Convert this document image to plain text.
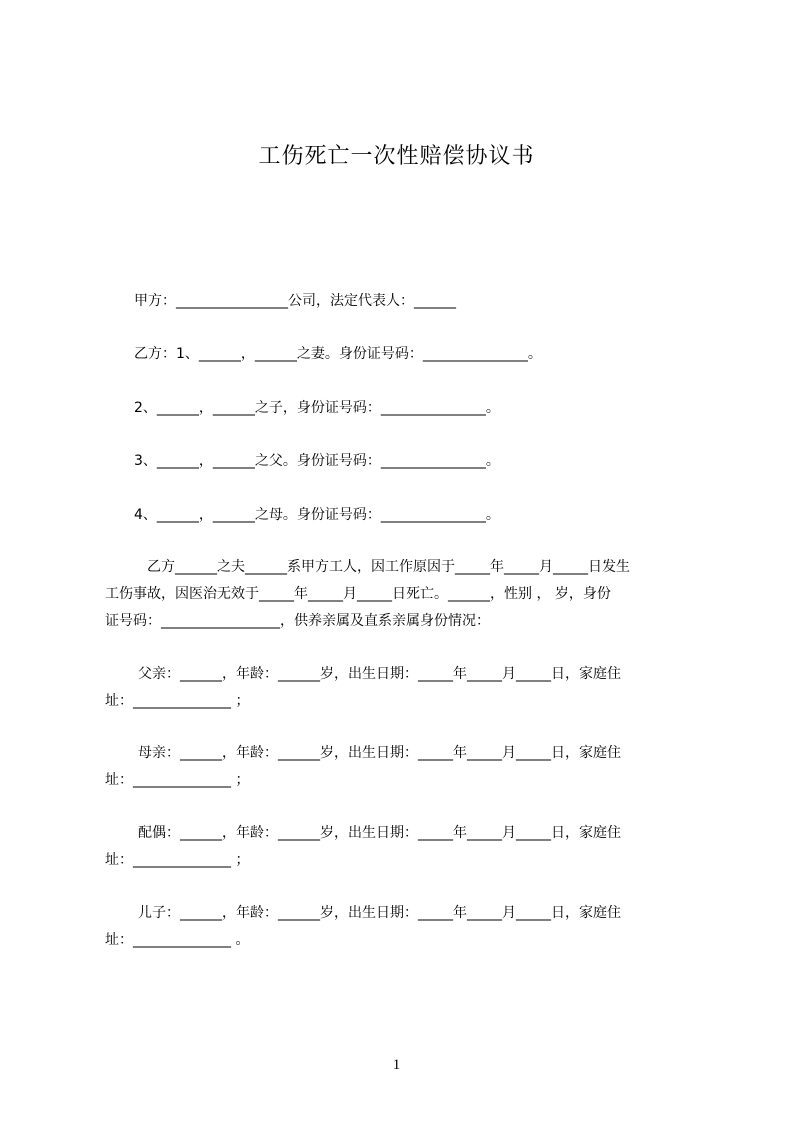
工伤死亡一次性赔偿协议书
甲方：________________公司，法定代表人：______
乙方：1、______，______之妻。身份证号码：_______________。
2、______，______之子，身份证号码：_______________。
3、______，______之父。身份证号码：_______________。
4、______，______之母。身份证号码：_______________。
乙方______之夫______系甲方工人，因工作原因于_____年_____月_____日发生
工伤事故，因医治无效于_____年_____月_____日死亡。______，性别 ， 岁，身份
证号码：_________________，供养亲属及直系亲属身份情况：
父亲：______，年龄：______岁，出生日期：_____年_____月_____日，家庭住
址：______________ ；
母亲：______，年龄：______岁，出生日期：_____年_____月_____日，家庭住
址：______________ ；
配偶：______，年龄：______岁，出生日期：_____年_____月_____日，家庭住
址：______________ ；
儿子：______，年龄：______岁，出生日期：_____年_____月_____日，家庭住
址：______________ 。
1
